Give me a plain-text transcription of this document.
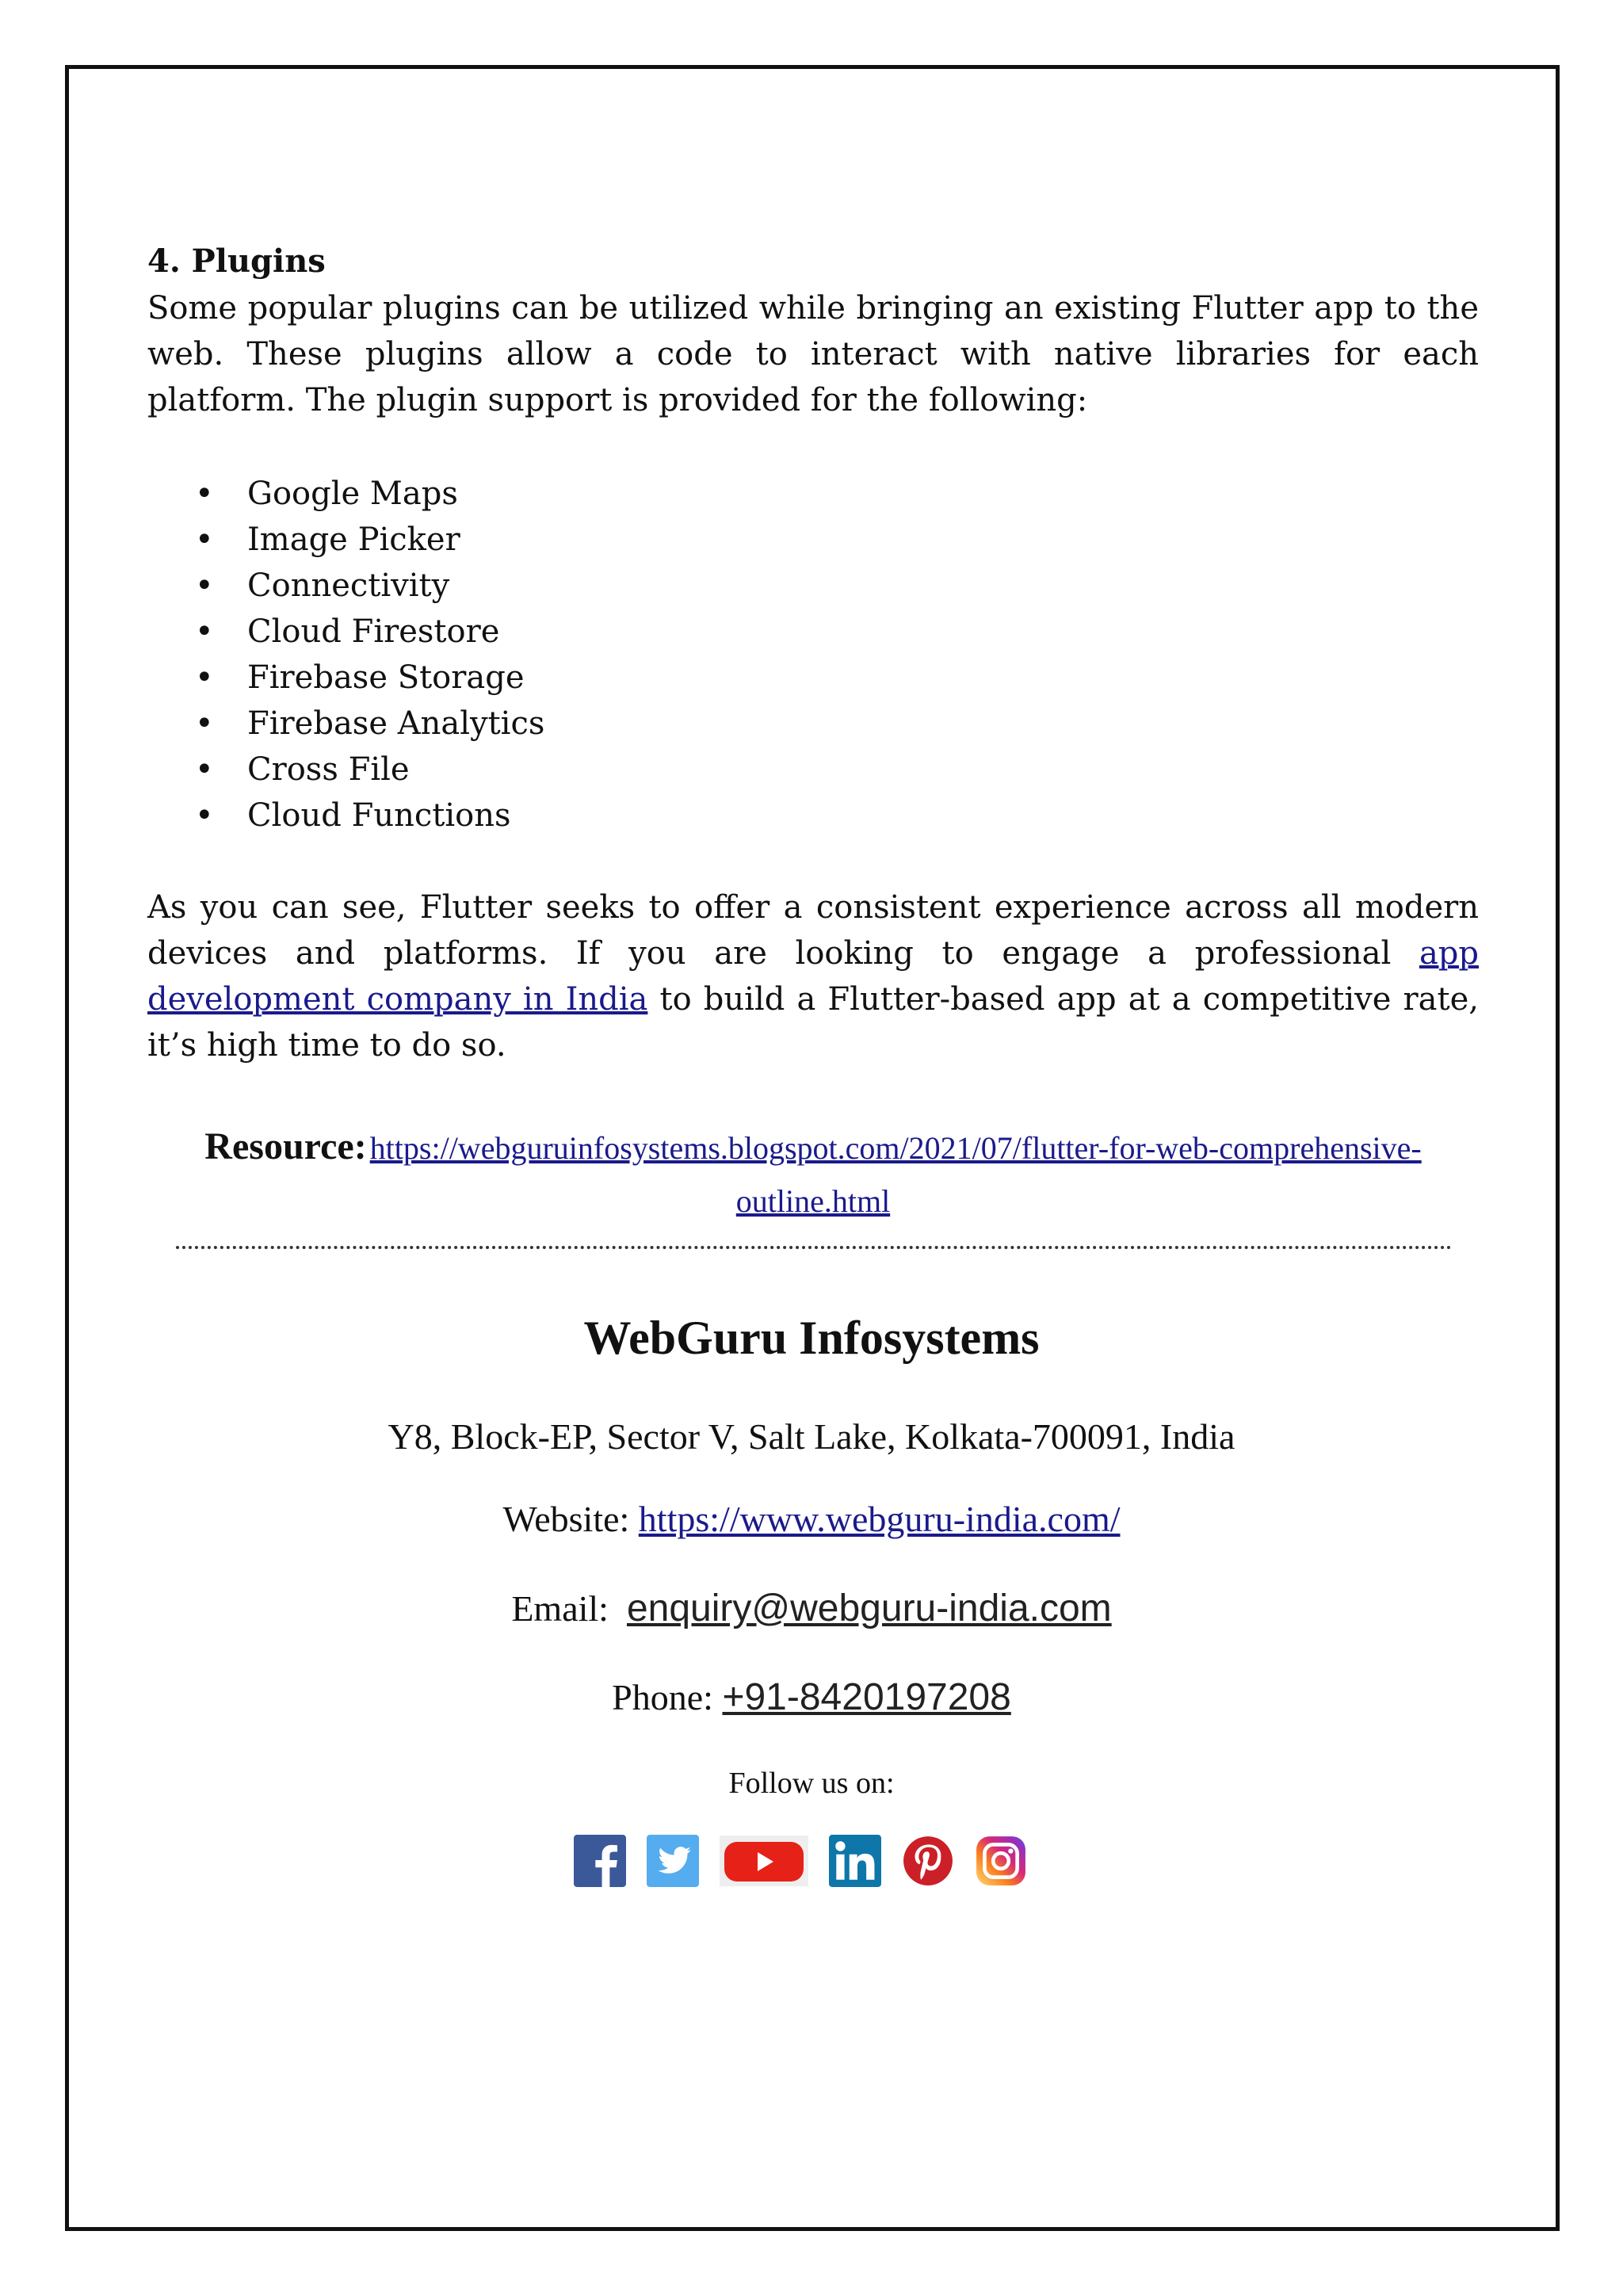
4. Plugins

Some popular plugins can be utilized while bringing an existing Flutter app to the web. These plugins allow a code to interact with native libraries for each platform. The plugin support is provided for the following:

• Google Maps
• Image Picker
• Connectivity
• Cloud Firestore
• Firebase Storage
• Firebase Analytics
• Cross File
• Cloud Functions

As you can see, Flutter seeks to offer a consistent experience across all modern devices and platforms. If you are looking to engage a professional app development company in India to build a Flutter-based app at a competitive rate, it’s high time to do so.

Resource: https://webguruinfosystems.blogspot.com/2021/07/flutter-for-web-comprehensive-
outline.html
WebGuru Infosystems
Y8, Block-EP, Sector V, Salt Lake, Kolkata-700091, India
Website: https://www.webguru-india.com/
Email: enquiry@webguru-india.com
Phone: +91-8420197208
Follow us on:
